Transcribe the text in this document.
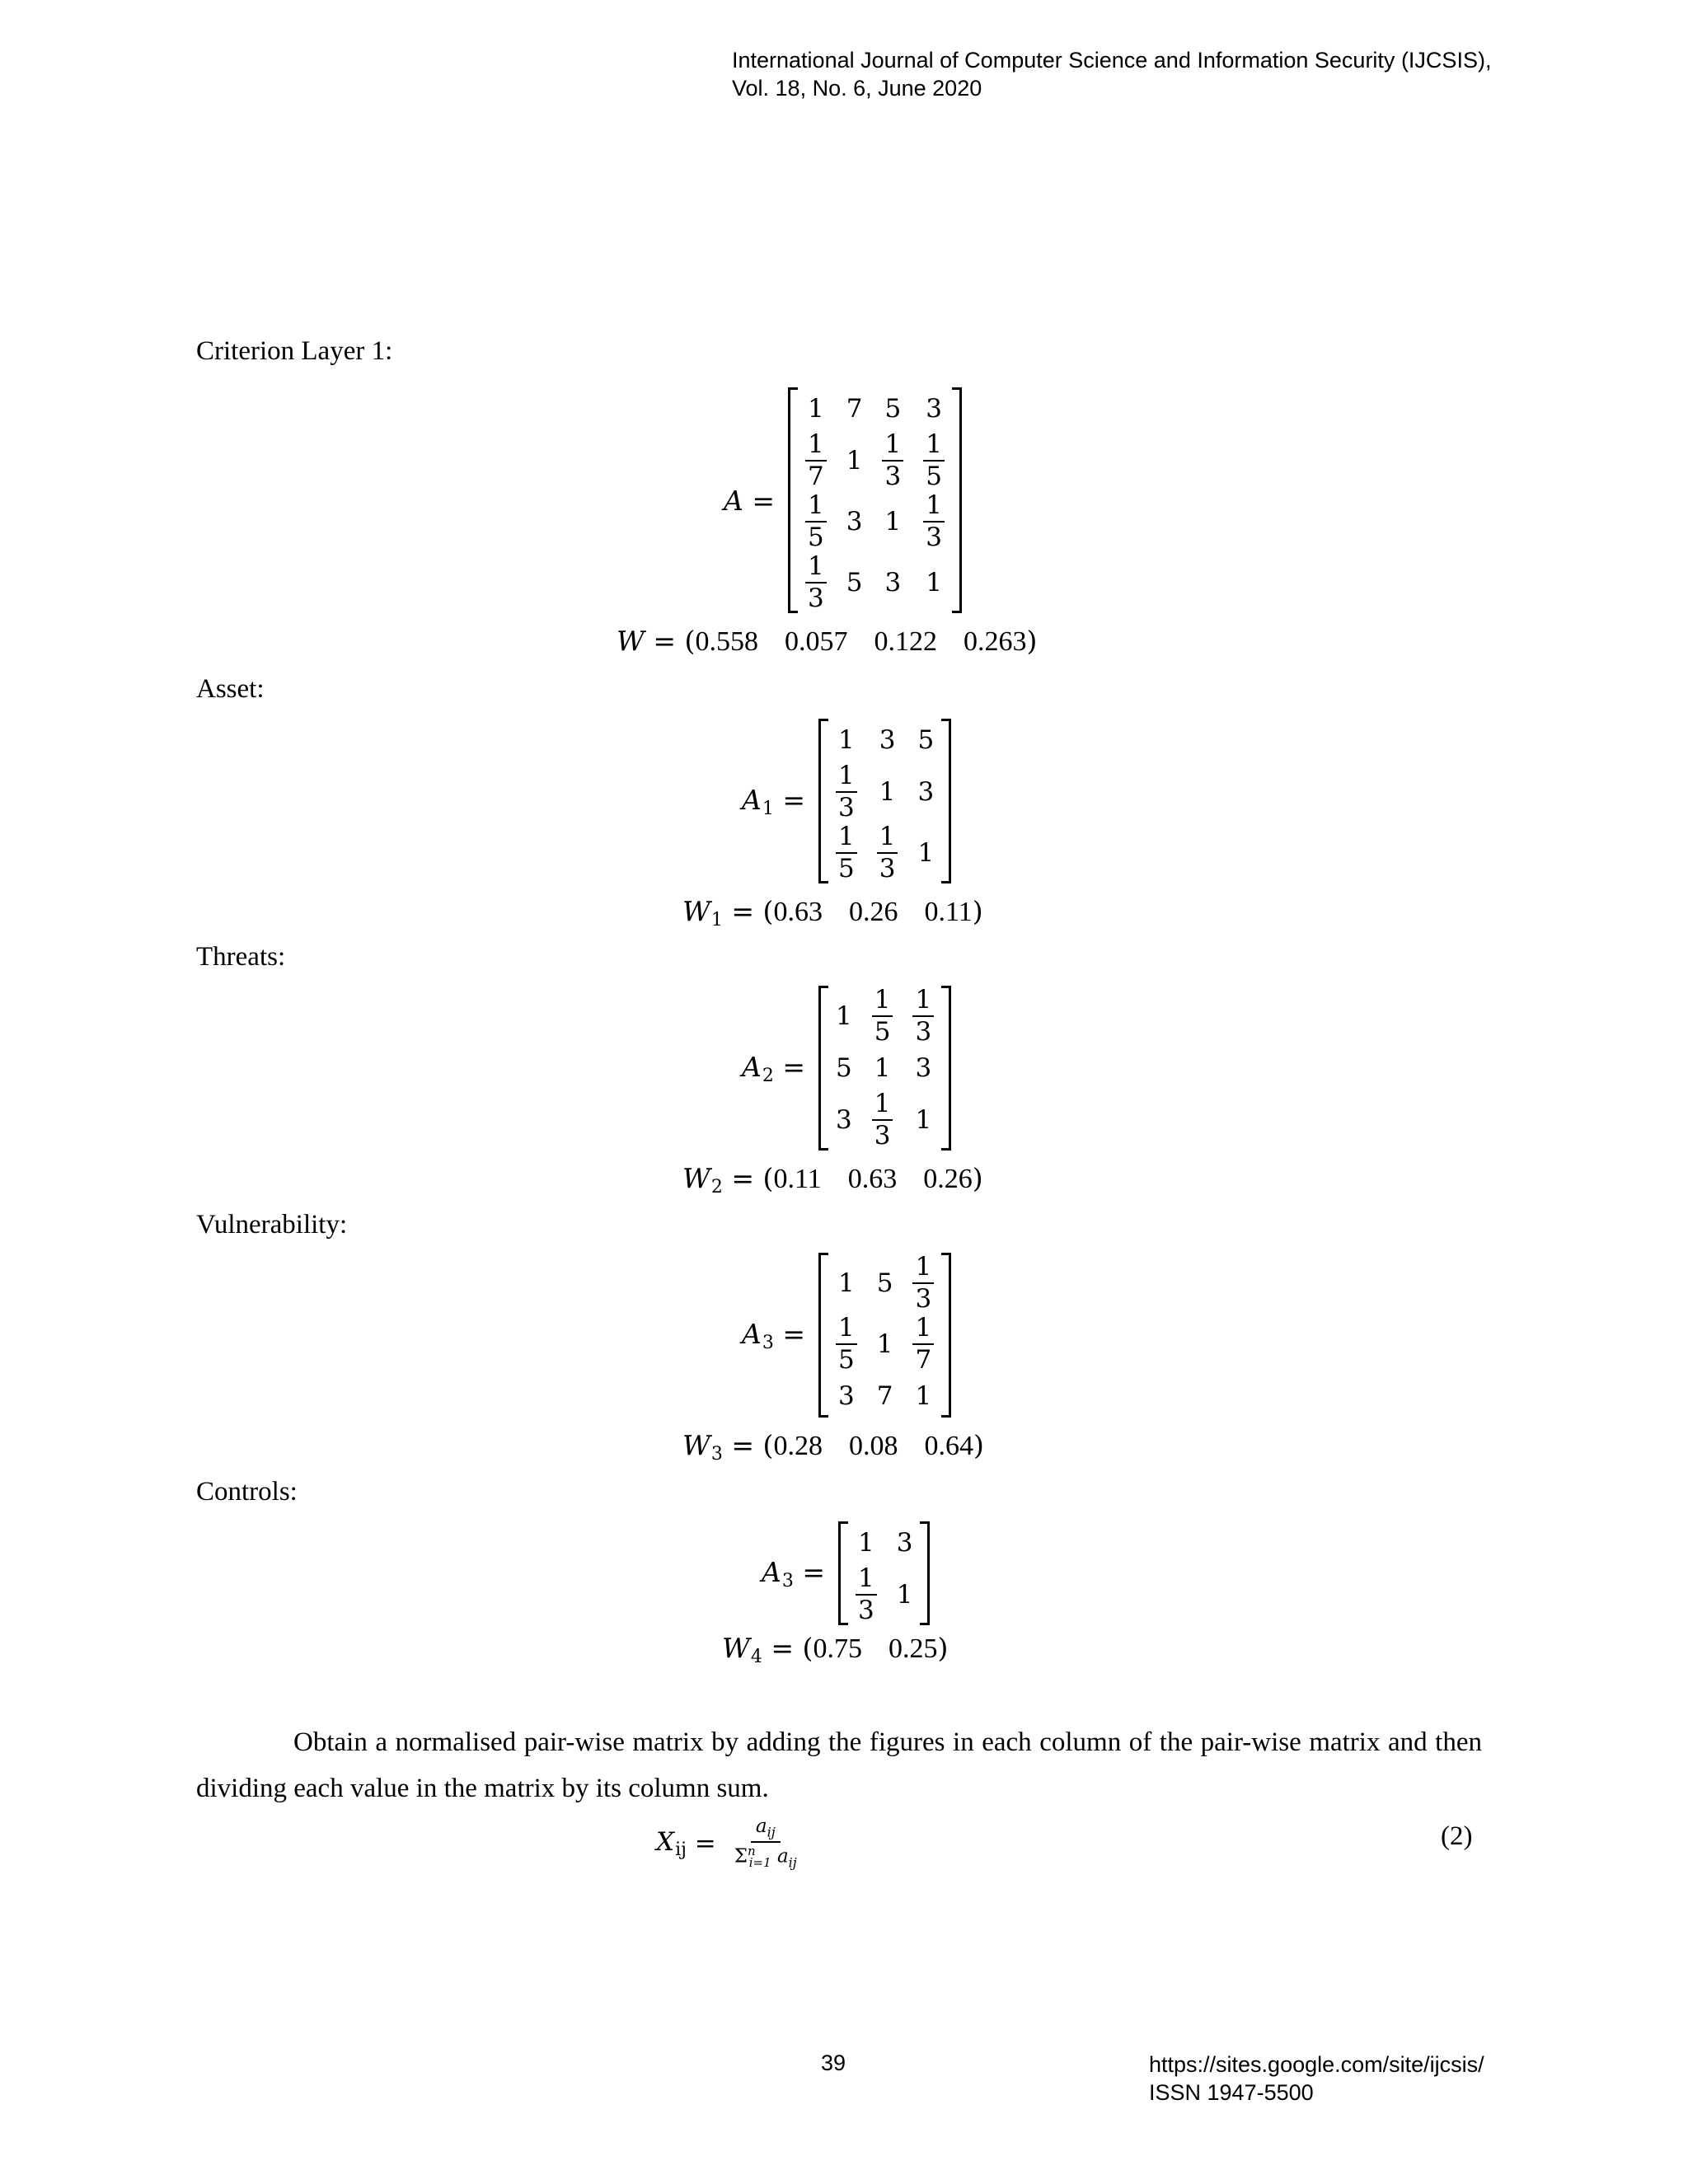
International Journal of Computer Science and Information Security (IJCSIS),
Vol. 18, No. 6, June 2020
Criterion Layer 1:
A =
1 7 5 3
$\frac{1}{7} 1 \frac{1}{3} \frac{1}{5}$
$\frac{1}{5} 3$ $1 \frac{1}{3}$
$\frac{1}{3} 5$ 3 1
W = (0.558 0.057 0.122 0.263)
Asset:
$A_1$ =
1 3 5
$\frac{1}{3} 1$ 3
$\frac{1}{5} \frac{1}{3} 1$
$W_1 = (0.63$ 0.26 0.11)
Threats:
$A_2$ =
$1 \frac{1}{5} \frac{1}{3}$
5 1 3
$3 \frac{1}{3} 1$
$W_2 = (0.11$ 0.63 0.26)
Vulnerability:
$A_3$ =
1 $5 \frac{1}{3}$
$\frac{1}{5} 1 \frac{1}{7}$
3 7 1
$W_3 = (0.28$ 0.08 0.64)
Controls:
$A_3$ =
1 3
$\frac{1}{3} 1$
$W_4 = (0.75$ 0.25)
Obtain a normalised pair-wise matrix by adding the figures in each column of the pair-wise matrix and then dividing each value in the matrix by its column sum.
$X_{ij} = \frac{a_{ij}}{\Sigma^n_{i=1} a_{ij}}$	(2)
39	https://sites.google.com/site/ijcsis/
ISSN 1947-5500
